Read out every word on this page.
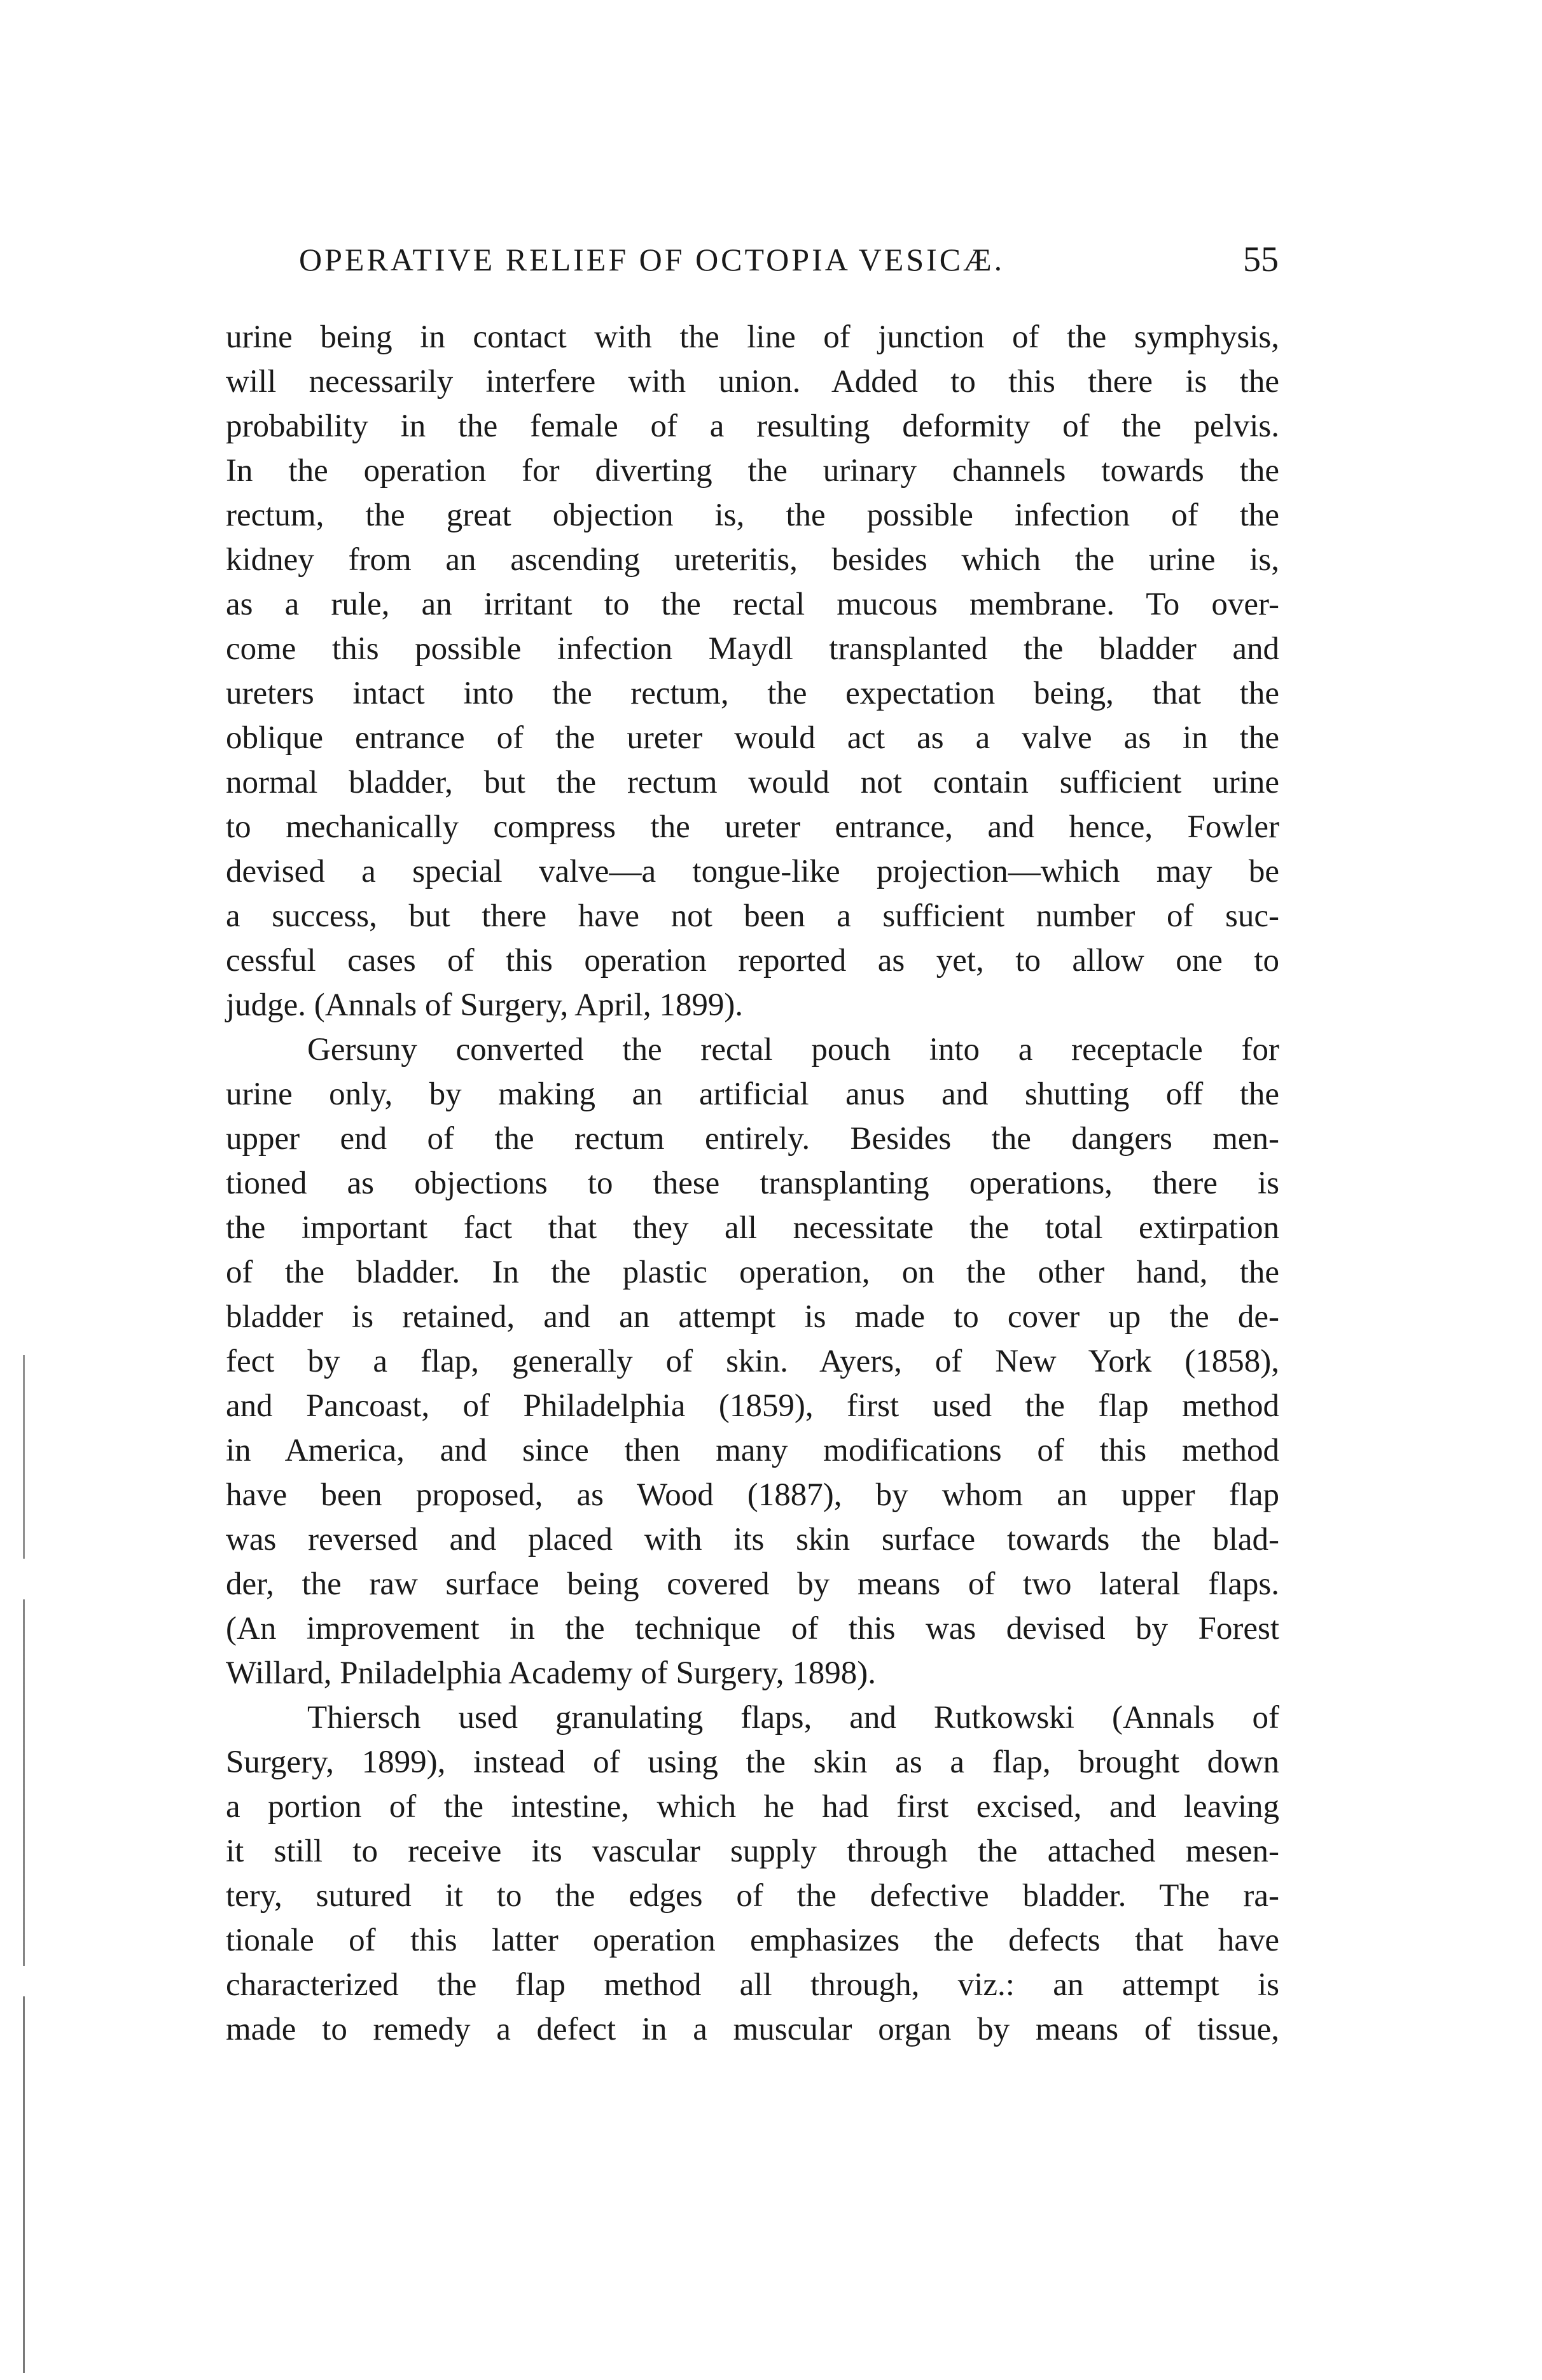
OPERATIVE RELIEF OF OCTOPIA VESICÆ.	55
urine being in contact with the line of junction of the symphysis,
will necessarily interfere with union. Added to this there is the
probability in the female of a resulting deformity of the pelvis.
In the operation for diverting the urinary channels towards the
rectum, the great objection is, the possible infection of the
kidney from an ascending ureteritis, besides which the urine is,
as a rule, an irritant to the rectal mucous membrane. To over-
come this possible infection Maydl transplanted the bladder and
ureters intact into the rectum, the expectation being, that the
oblique entrance of the ureter would act as a valve as in the
normal bladder, but the rectum would not contain sufficient urine
to mechanically compress the ureter entrance, and hence, Fowler
devised a special valve—a tongue-like projection—which may be
a success, but there have not been a sufficient number of suc-
cessful cases of this operation reported as yet, to allow one to
judge. (Annals of Surgery, April, 1899).
Gersuny converted the rectal pouch into a receptacle for
urine only, by making an artificial anus and shutting off the
upper end of the rectum entirely. Besides the dangers men-
tioned as objections to these transplanting operations, there is
the important fact that they all necessitate the total extirpation
of the bladder. In the plastic operation, on the other hand, the
bladder is retained, and an attempt is made to cover up the de-
fect by a flap, generally of skin. Ayers, of New York (1858),
and Pancoast, of Philadelphia (1859), first used the flap method
in America, and since then many modifications of this method
have been proposed, as Wood (1887), by whom an upper flap
was reversed and placed with its skin surface towards the blad-
der, the raw surface being covered by means of two lateral flaps.
(An improvement in the technique of this was devised by Forest
Willard, Pniladelphia Academy of Surgery, 1898).
Thiersch used granulating flaps, and Rutkowski (Annals of
Surgery, 1899), instead of using the skin as a flap, brought down
a portion of the intestine, which he had first excised, and leaving
it still to receive its vascular supply through the attached mesen-
tery, sutured it to the edges of the defective bladder. The ra-
tionale of this latter operation emphasizes the defects that have
characterized the flap method all through, viz.: an attempt is
made to remedy a defect in a muscular organ by means of tissue,
